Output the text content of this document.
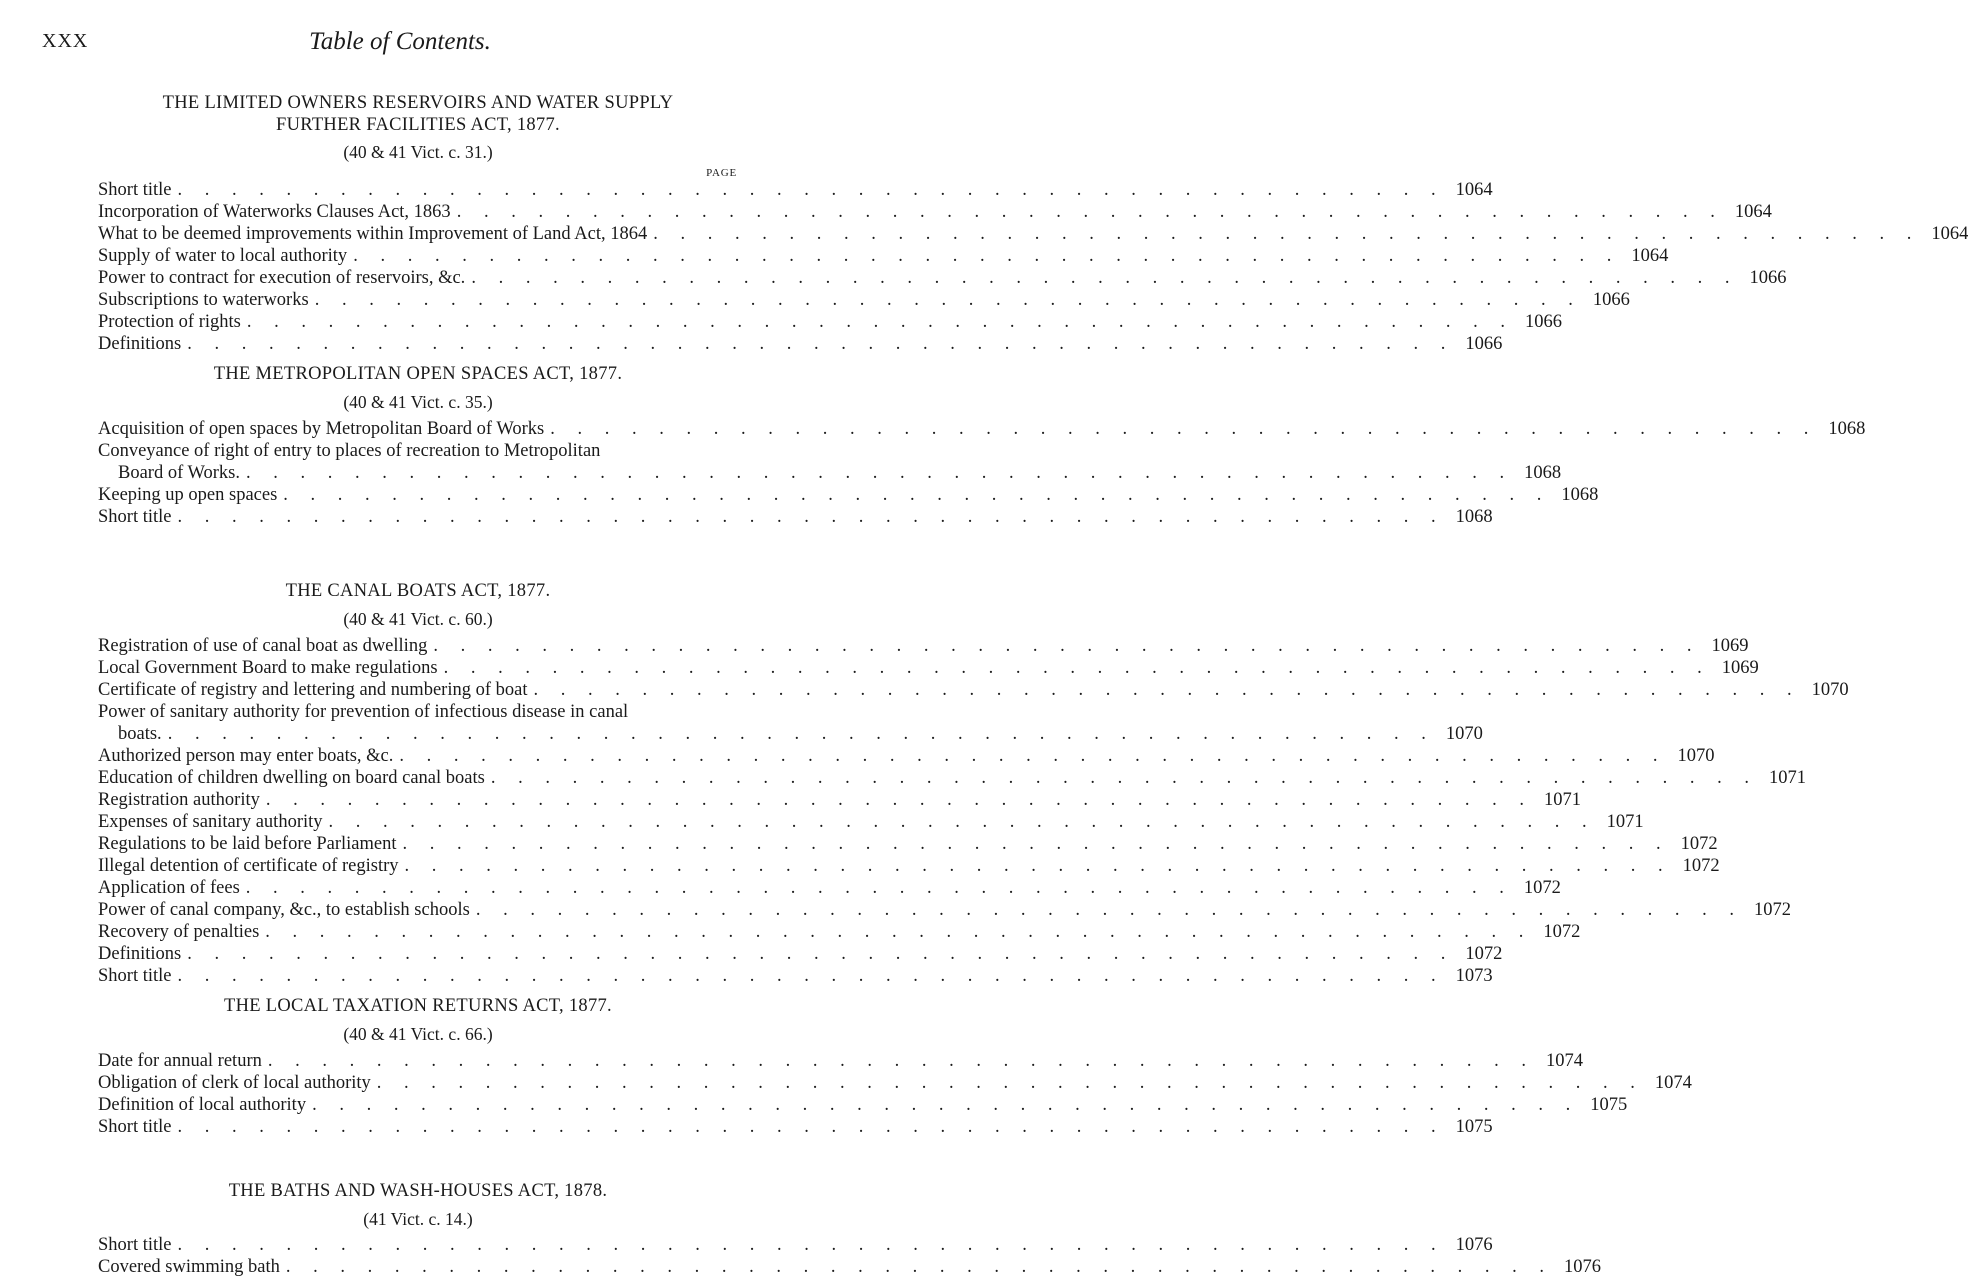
XXX	Table of Contents.
THE LIMITED OWNERS RESERVOIRS AND WATER SUPPLY
FURTHER FACILITIES ACT, 1877.
(40 & 41 Vict. c. 31.)
PAGE
Short title . . . . . . . . . . . . . . . . . . . . . . . . . . . . . . . . . . . . . . . . . . . . . . . 1064
Incorporation of Waterworks Clauses Act, 1863 . . . . . . . . . . . . . . . . . . . . . . . . . . . . . . . . . . . . . . . . . . . . . . . 1064
What to be deemed improvements within Improvement of Land Act, 1864 . . . . . . . . . . . . . . . . . . . . . . . . . . . . . . . . . . . . . . . . . . . . . . . 1064
Supply of water to local authority . . . . . . . . . . . . . . . . . . . . . . . . . . . . . . . . . . . . . . . . . . . . . . . 1064
Power to contract for execution of reservoirs, &c. . . . . . . . . . . . . . . . . . . . . . . . . . . . . . . . . . . . . . . . . . . . . . . . 1066
Subscriptions to waterworks . . . . . . . . . . . . . . . . . . . . . . . . . . . . . . . . . . . . . . . . . . . . . . . 1066
Protection of rights . . . . . . . . . . . . . . . . . . . . . . . . . . . . . . . . . . . . . . . . . . . . . . . 1066
Definitions . . . . . . . . . . . . . . . . . . . . . . . . . . . . . . . . . . . . . . . . . . . . . . . 1066
THE METROPOLITAN OPEN SPACES ACT, 1877.
(40 & 41 Vict. c. 35.)
Acquisition of open spaces by Metropolitan Board of Works . . . . . . . . . . . . . . . . . . . . . . . . . . . . . . . . . . . . . . . . . . . . . . . 1068
Conveyance of right of entry to places of recreation to Metropolitan
Board of Works. . . . . . . . . . . . . . . . . . . . . . . . . . . . . . . . . . . . . . . . . . . . . . . . 1068
Keeping up open spaces . . . . . . . . . . . . . . . . . . . . . . . . . . . . . . . . . . . . . . . . . . . . . . . 1068
Short title . . . . . . . . . . . . . . . . . . . . . . . . . . . . . . . . . . . . . . . . . . . . . . . 1068
THE CANAL BOATS ACT, 1877.
(40 & 41 Vict. c. 60.)
Registration of use of canal boat as dwelling . . . . . . . . . . . . . . . . . . . . . . . . . . . . . . . . . . . . . . . . . . . . . . . 1069
Local Government Board to make regulations . . . . . . . . . . . . . . . . . . . . . . . . . . . . . . . . . . . . . . . . . . . . . . . 1069
Certificate of registry and lettering and numbering of boat . . . . . . . . . . . . . . . . . . . . . . . . . . . . . . . . . . . . . . . . . . . . . . . 1070
Power of sanitary authority for prevention of infectious disease in canal
boats. . . . . . . . . . . . . . . . . . . . . . . . . . . . . . . . . . . . . . . . . . . . . . . . 1070
Authorized person may enter boats, &c. . . . . . . . . . . . . . . . . . . . . . . . . . . . . . . . . . . . . . . . . . . . . . . . 1070
Education of children dwelling on board canal boats . . . . . . . . . . . . . . . . . . . . . . . . . . . . . . . . . . . . . . . . . . . . . . . 1071
Registration authority . . . . . . . . . . . . . . . . . . . . . . . . . . . . . . . . . . . . . . . . . . . . . . . 1071
Expenses of sanitary authority . . . . . . . . . . . . . . . . . . . . . . . . . . . . . . . . . . . . . . . . . . . . . . . 1071
Regulations to be laid before Parliament . . . . . . . . . . . . . . . . . . . . . . . . . . . . . . . . . . . . . . . . . . . . . . . 1072
Illegal detention of certificate of registry . . . . . . . . . . . . . . . . . . . . . . . . . . . . . . . . . . . . . . . . . . . . . . . 1072
Application of fees . . . . . . . . . . . . . . . . . . . . . . . . . . . . . . . . . . . . . . . . . . . . . . . 1072
Power of canal company, &c., to establish schools . . . . . . . . . . . . . . . . . . . . . . . . . . . . . . . . . . . . . . . . . . . . . . . 1072
Recovery of penalties . . . . . . . . . . . . . . . . . . . . . . . . . . . . . . . . . . . . . . . . . . . . . . . 1072
Definitions . . . . . . . . . . . . . . . . . . . . . . . . . . . . . . . . . . . . . . . . . . . . . . . 1072
Short title . . . . . . . . . . . . . . . . . . . . . . . . . . . . . . . . . . . . . . . . . . . . . . . 1073
THE LOCAL TAXATION RETURNS ACT, 1877.
(40 & 41 Vict. c. 66.)
Date for annual return . . . . . . . . . . . . . . . . . . . . . . . . . . . . . . . . . . . . . . . . . . . . . . . 1074
Obligation of clerk of local authority . . . . . . . . . . . . . . . . . . . . . . . . . . . . . . . . . . . . . . . . . . . . . . . 1074
Definition of local authority . . . . . . . . . . . . . . . . . . . . . . . . . . . . . . . . . . . . . . . . . . . . . . . 1075
Short title . . . . . . . . . . . . . . . . . . . . . . . . . . . . . . . . . . . . . . . . . . . . . . . 1075
THE BATHS AND WASH-HOUSES ACT, 1878.
(41 Vict. c. 14.)
Short title . . . . . . . . . . . . . . . . . . . . . . . . . . . . . . . . . . . . . . . . . . . . . . . 1076
Covered swimming bath . . . . . . . . . . . . . . . . . . . . . . . . . . . . . . . . . . . . . . . . . . . . . . . 1076
